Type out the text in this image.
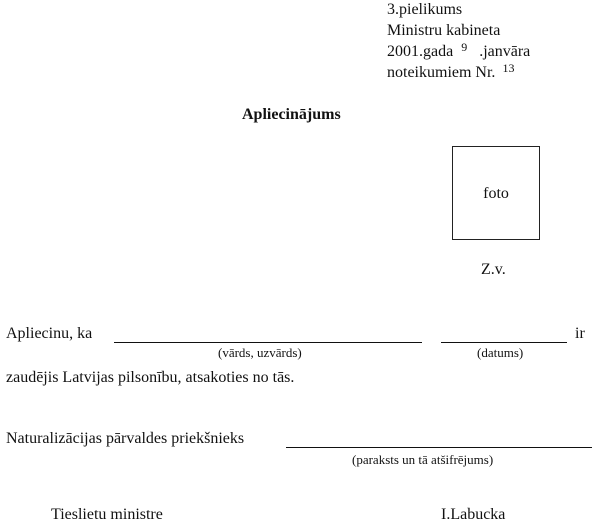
3.pielikums
Ministru kabineta
2001.gada $^9$ .janvāra
noteikumiem Nr. $^{13}$
Apliecinājums
foto
Z.v.
Apliecinu, ka
(vārds, uzvārds)	(datums)
ir
zaudējis Latvijas pilsonību, atsakoties no tās.
Naturalizācijas pārvaldes priekšnieks
(paraksts un tā atšifrējums)
Tieslietu ministre	I.Labucka
